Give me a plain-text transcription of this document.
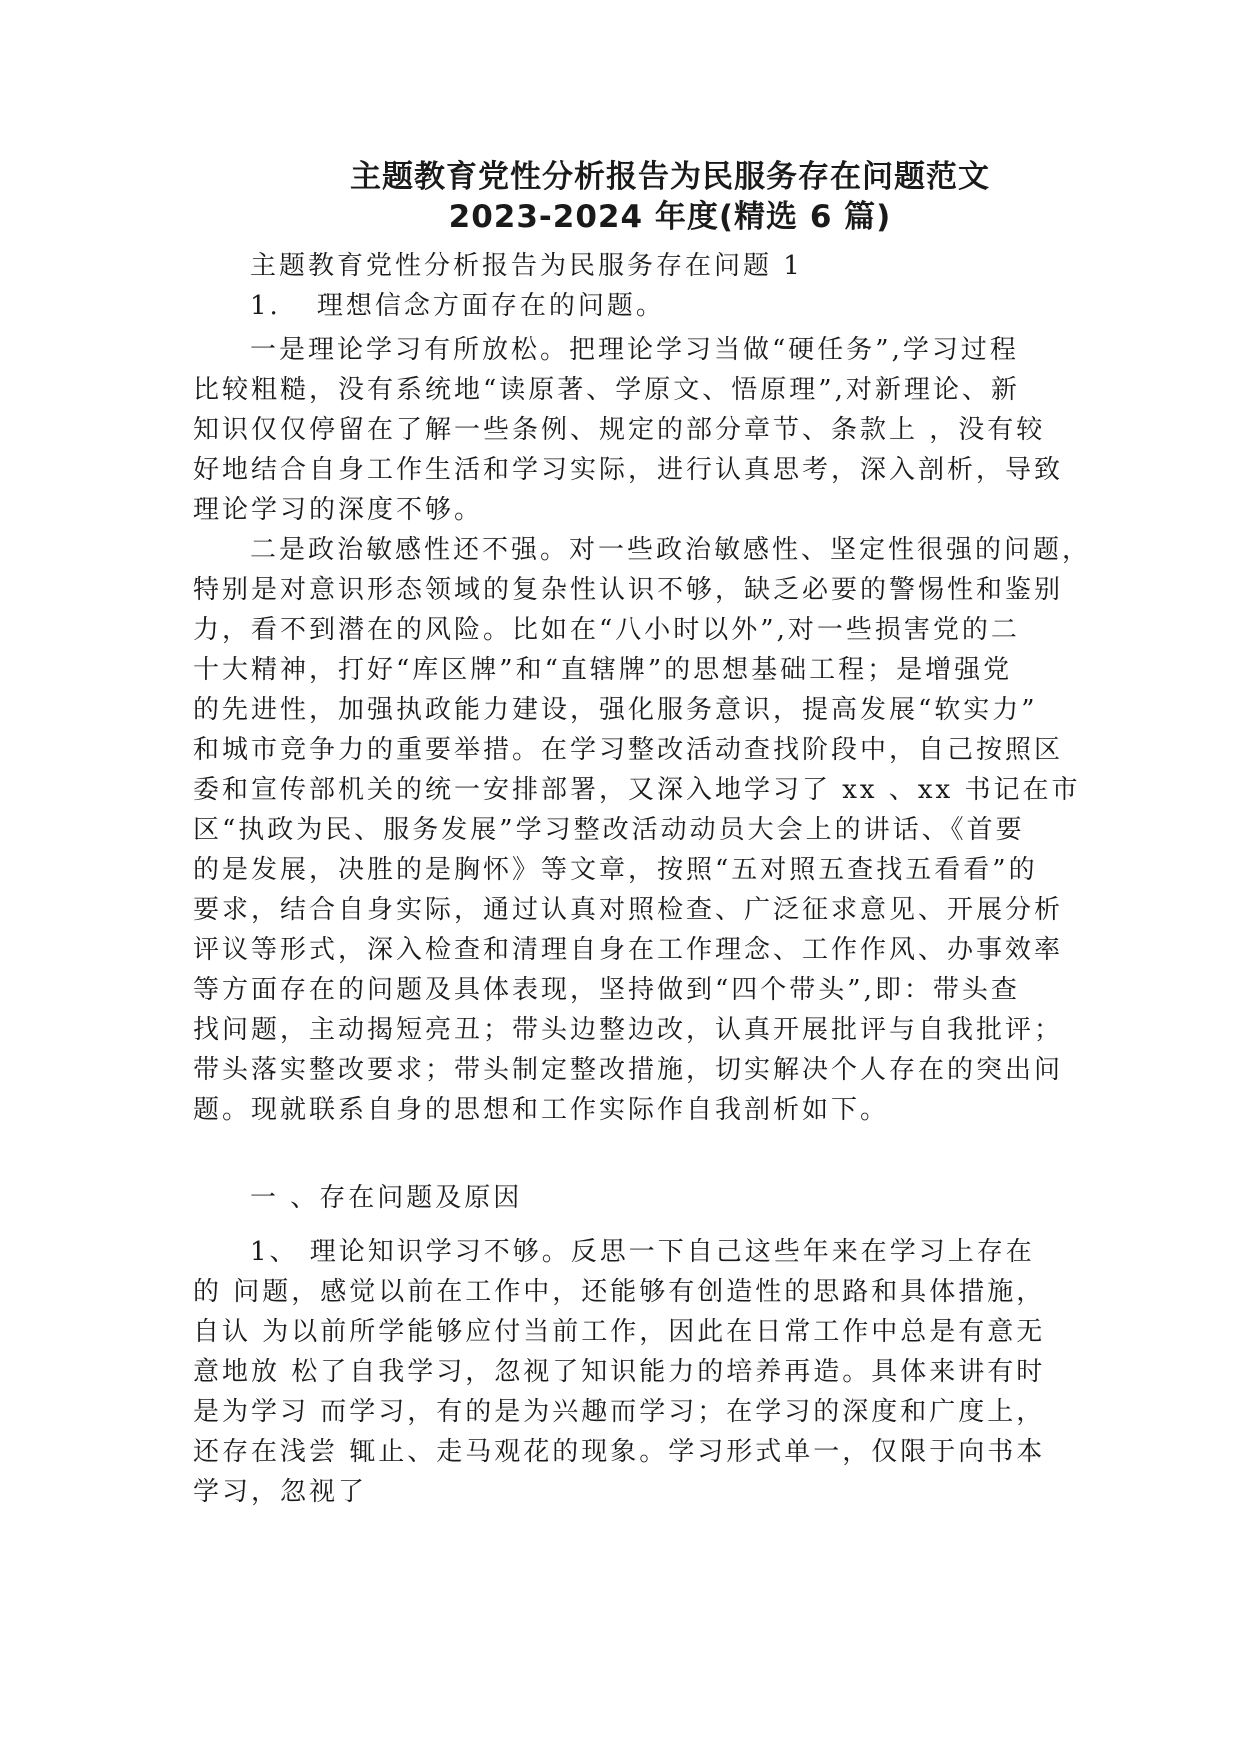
主题教育党性分析报告为民服务存在问题范文
2023-2024 年度(精选 6 篇)
主题教育党性分析报告为民服务存在问题 1
1. 理想信念方面存在的问题。
一是理论学习有所放松。把理论学习当做“硬任务”,学习过程
比较粗糙，没有系统地“读原著、学原文、悟原理”,对新理论、新
知识仅仅停留在了解一些条例、规定的部分章节、条款上 ，没有较
好地结合自身工作生活和学习实际，进行认真思考，深入剖析，导致
理论学习的深度不够。
二是政治敏感性还不强。对一些政治敏感性、坚定性很强的问题，
特别是对意识形态领域的复杂性认识不够，缺乏必要的警惕性和鉴别
力，看不到潜在的风险。比如在“八小时以外”,对一些损害党的二
十大精神，打好“库区牌”和“直辖牌”的思想基础工程；是增强党
的先进性，加强执政能力建设，强化服务意识，提高发展“软实力”
和城市竞争力的重要举措。在学习整改活动查找阶段中，自己按照区
委和宣传部机关的统一安排部署，又深入地学习了 xx 、xx 书记在市
区“执政为民、服务发展”学习整改活动动员大会上的讲话、《首要
的是发展，决胜的是胸怀》等文章，按照“五对照五查找五看看”的
要求，结合自身实际，通过认真对照检查、广泛征求意见、开展分析
评议等形式，深入检查和清理自身在工作理念、工作作风、办事效率
等方面存在的问题及具体表现，坚持做到“四个带头”,即：带头查
找问题，主动揭短亮丑；带头边整边改，认真开展批评与自我批评；
带头落实整改要求；带头制定整改措施，切实解决个人存在的突出问
题。现就联系自身的思想和工作实际作自我剖析如下。
一 、存在问题及原因
1、 理论知识学习不够。反思一下自己这些年来在学习上存在
的 问题，感觉以前在工作中，还能够有创造性的思路和具体措施，
自认 为以前所学能够应付当前工作，因此在日常工作中总是有意无
意地放 松了自我学习，忽视了知识能力的培养再造。具体来讲有时
是为学习 而学习，有的是为兴趣而学习；在学习的深度和广度上，
还存在浅尝 辄止、走马观花的现象。学习形式单一，仅限于向书本
学习，忽视了
